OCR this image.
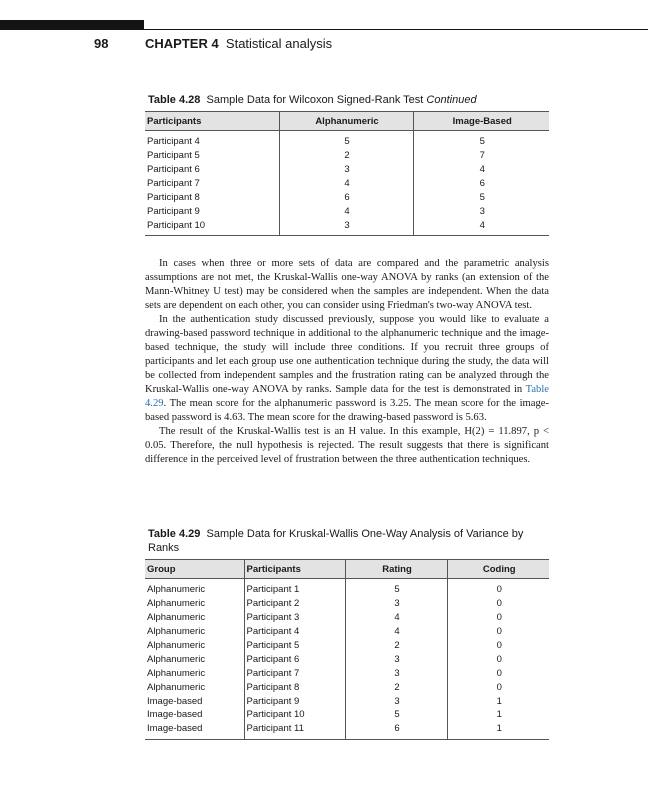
98	CHAPTER 4 Statistical analysis
Table 4.28 Sample Data for Wilcoxon Signed-Rank Test Continued
Participants	Alphanumeric	Image-Based
Participant 4	5	5
Participant 5	2	7
Participant 6	3	4
Participant 7	4	6
Participant 8	6	5
Participant 9	4	3
Participant 10	3	4

In cases when three or more sets of data are compared and the parametric analysis assumptions are not met, the Kruskal-Wallis one-way ANOVA by ranks (an extension of the Mann-Whitney U test) may be considered when the samples are independent. When the data sets are dependent on each other, you can consider using Friedman's two-way ANOVA test.

In the authentication study discussed previously, suppose you would like to evaluate a drawing-based password technique in additional to the alphanumeric technique and the image-based technique, the study will include three conditions. If you recruit three groups of participants and let each group use one authentication technique during the study, the data will be collected from independent samples and the frustration rating can be analyzed through the Kruskal-Wallis one-way ANOVA by ranks. Sample data for the test is demonstrated in Table 4.29. The mean score for the alphanumeric password is 3.25. The mean score for the image-based password is 4.63. The mean score for the drawing-based password is 5.63.

The result of the Kruskal-Wallis test is an H value. In this example, H(2) = 11.897, p < 0.05. Therefore, the null hypothesis is rejected. The result suggests that there is significant difference in the perceived level of frustration between the three authentication techniques.

Table 4.29 Sample Data for Kruskal-Wallis One-Way Analysis of Variance by Ranks
Group	Participants	Rating	Coding
Alphanumeric	Participant 1	5	0
Alphanumeric	Participant 2	3	0
Alphanumeric	Participant 3	4	0
Alphanumeric	Participant 4	4	0
Alphanumeric	Participant 5	2	0
Alphanumeric	Participant 6	3	0
Alphanumeric	Participant 7	3	0
Alphanumeric	Participant 8	2	0
Image-based	Participant 9	3	1
Image-based	Participant 10	5	1
Image-based	Participant 11	6	1
